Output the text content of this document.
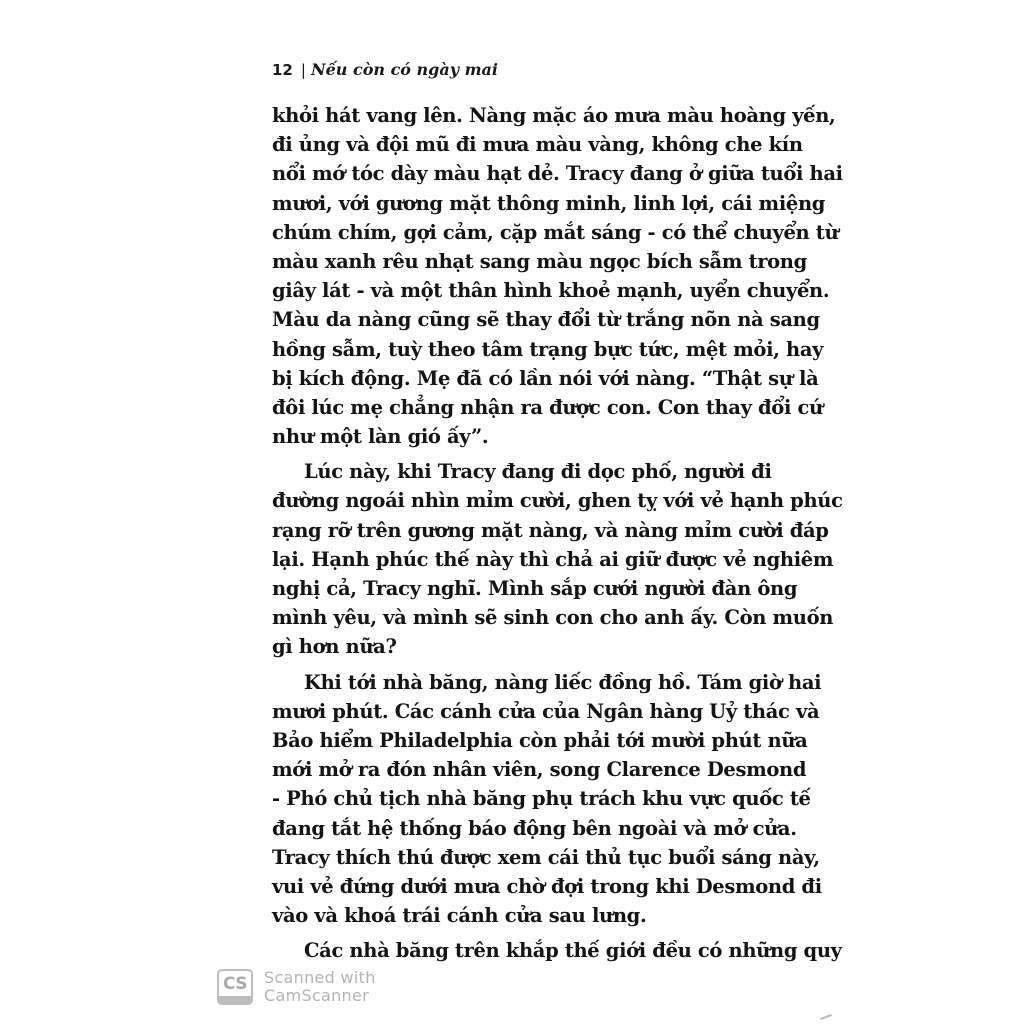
12 | Nếu còn có ngày mai
khỏi hát vang lên. Nàng mặc áo mưa màu hoàng yến,
đi ủng và đội mũ đi mưa màu vàng, không che kín
nổi mớ tóc dày màu hạt dẻ. Tracy đang ở giữa tuổi hai
mươi, với gương mặt thông minh, linh lợi, cái miệng
chúm chím, gợi cảm, cặp mắt sáng - có thể chuyển từ
màu xanh rêu nhạt sang màu ngọc bích sẫm trong
giây lát - và một thân hình khoẻ mạnh, uyển chuyển.
Màu da nàng cũng sẽ thay đổi từ trắng nõn nà sang
hồng sẫm, tuỳ theo tâm trạng bực tức, mệt mỏi, hay
bị kích động. Mẹ đã có lần nói với nàng. “Thật sự là
đôi lúc mẹ chẳng nhận ra được con. Con thay đổi cứ
như một làn gió ấy”.
Lúc này, khi Tracy đang đi dọc phố, người đi
đường ngoái nhìn mỉm cười, ghen tỵ với vẻ hạnh phúc
rạng rỡ trên gương mặt nàng, và nàng mỉm cười đáp
lại. Hạnh phúc thế này thì chả ai giữ được vẻ nghiêm
nghị cả, Tracy nghĩ. Mình sắp cưới người đàn ông
mình yêu, và mình sẽ sinh con cho anh ấy. Còn muốn
gì hơn nữa?
Khi tới nhà băng, nàng liếc đồng hồ. Tám giờ hai
mươi phút. Các cánh cửa của Ngân hàng Uỷ thác và
Bảo hiểm Philadelphia còn phải tới mười phút nữa
mới mở ra đón nhân viên, song Clarence Desmond
- Phó chủ tịch nhà băng phụ trách khu vực quốc tế
đang tắt hệ thống báo động bên ngoài và mở cửa.
Tracy thích thú được xem cái thủ tục buổi sáng này,
vui vẻ đứng dưới mưa chờ đợi trong khi Desmond đi
vào và khoá trái cánh cửa sau lưng.
Các nhà băng trên khắp thế giới đều có những quy
CS Scanned with
CamScanner
